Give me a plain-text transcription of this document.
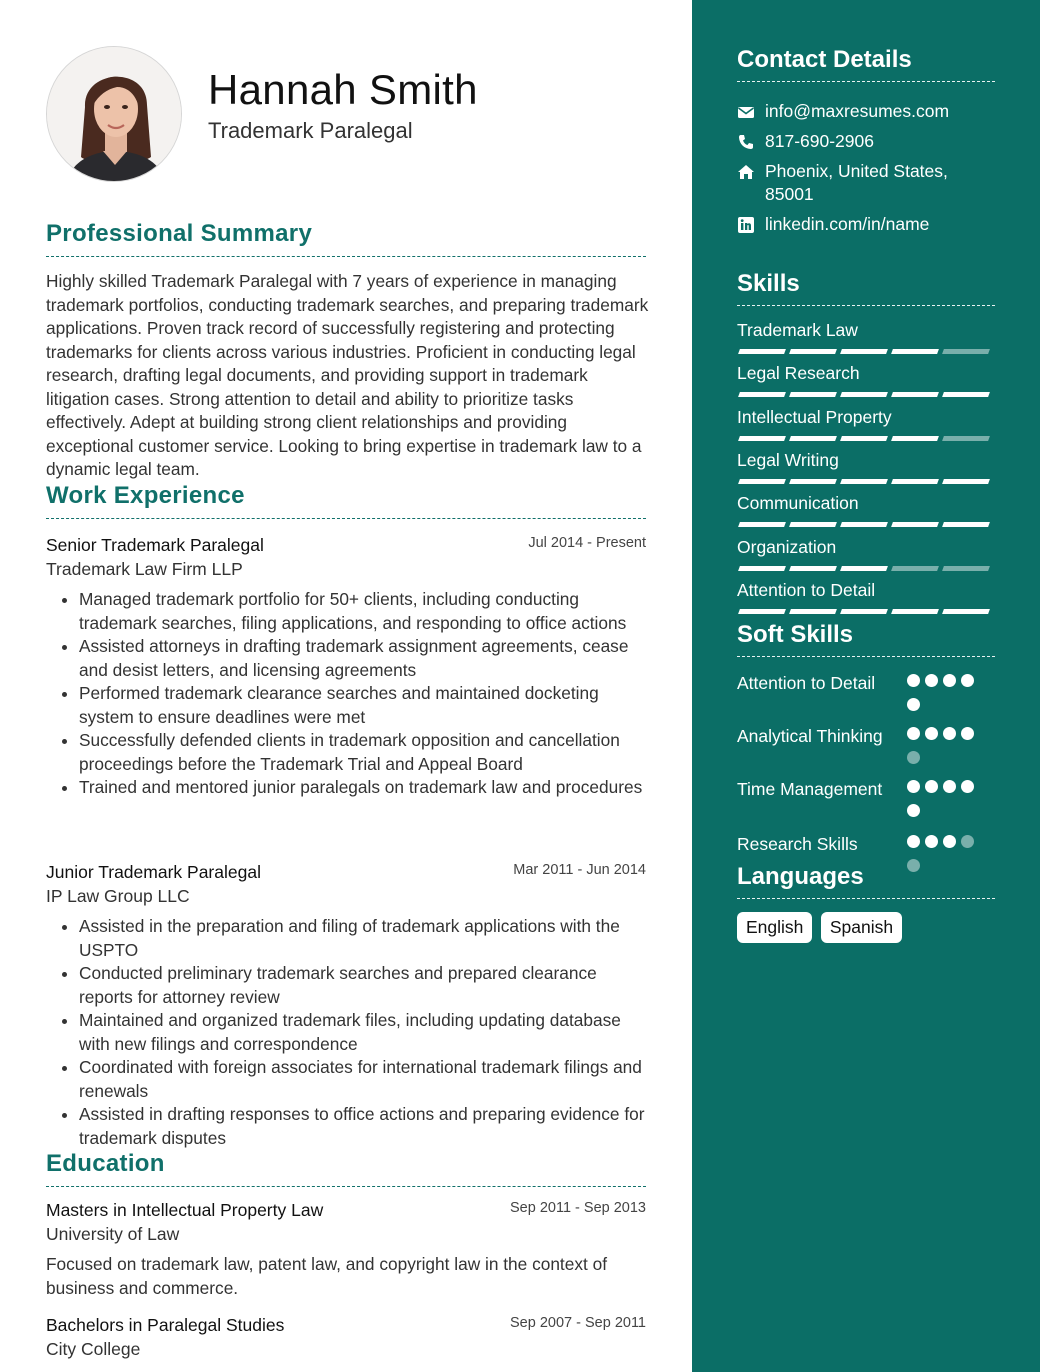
Hannah Smith
Trademark Paralegal
Professional Summary
Highly skilled Trademark Paralegal with 7 years of experience in managing trademark portfolios, conducting trademark searches, and preparing trademark applications. Proven track record of successfully registering and protecting trademarks for clients across various industries. Proficient in conducting legal research, drafting legal documents, and providing support in trademark litigation cases. Strong attention to detail and ability to prioritize tasks effectively. Adept at building strong client relationships and providing exceptional customer service. Looking to bring expertise in trademark law to a dynamic legal team.
Work Experience
Senior Trademark Paralegal
Trademark Law Firm LLP
Jul 2014 - Present
• Managed trademark portfolio for 50+ clients, including conducting trademark searches, filing applications, and responding to office actions
• Assisted attorneys in drafting trademark assignment agreements, cease and desist letters, and licensing agreements
• Performed trademark clearance searches and maintained docketing system to ensure deadlines were met
• Successfully defended clients in trademark opposition and cancellation proceedings before the Trademark Trial and Appeal Board
• Trained and mentored junior paralegals on trademark law and procedures
Junior Trademark Paralegal
IP Law Group LLC
Mar 2011 - Jun 2014
• Assisted in the preparation and filing of trademark applications with the USPTO
• Conducted preliminary trademark searches and prepared clearance reports for attorney review
• Maintained and organized trademark files, including updating database with new filings and correspondence
• Coordinated with foreign associates for international trademark filings and renewals
• Assisted in drafting responses to office actions and preparing evidence for trademark disputes
Education
Masters in Intellectual Property Law
University of Law
Sep 2011 - Sep 2013
Focused on trademark law, patent law, and copyright law in the context of business and commerce.
Bachelors in Paralegal Studies
City College
Sep 2007 - Sep 2011
Contact Details
info@maxresumes.com
817-690-2906
Phoenix, United States, 85001
linkedin.com/in/name
Skills
Trademark Law
Legal Research
Intellectual Property
Legal Writing
Communication
Organization
Attention to Detail
Soft Skills
Attention to Detail
Analytical Thinking
Time Management
Research Skills
Languages
English Spanish
